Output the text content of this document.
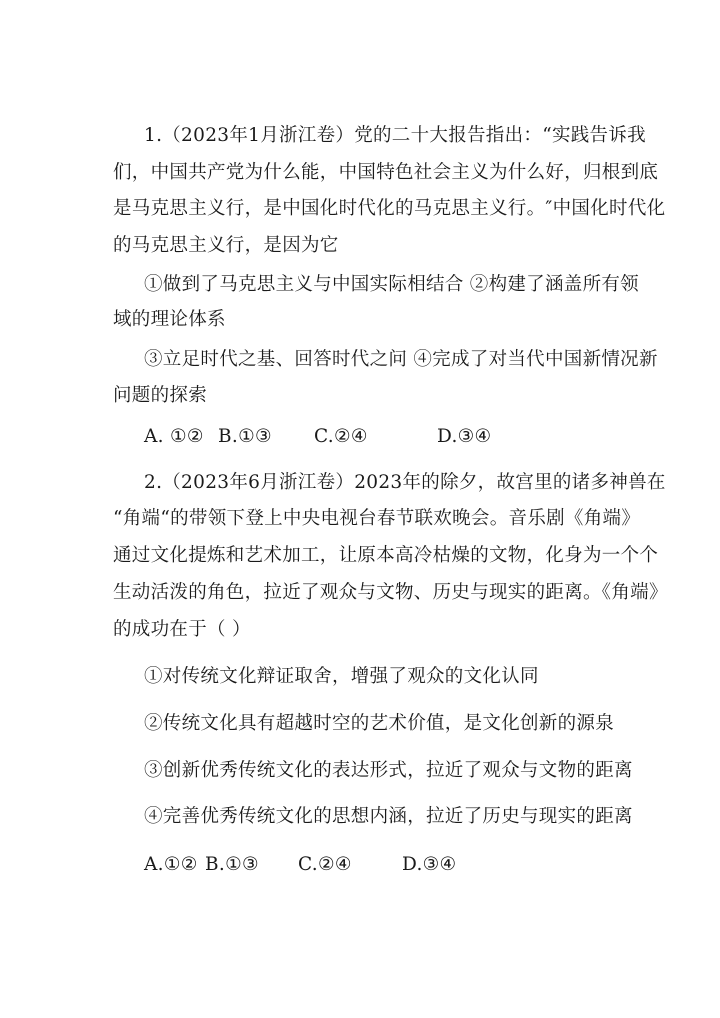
1.（2023年1月浙江卷）党的二十大报告指出：“实践告诉我
们，中国共产党为什么能，中国特色社会主义为什么好，归根到底
是马克思主义行，是中国化时代化的马克思主义行。″中国化时代化
的马克思主义行，是因为它
①做到了马克思主义与中国实际相结合 ②构建了涵盖所有领
域的理论体系
③立足时代之基、回答时代之问 ④完成了对当代中国新情况新
问题的探索
A. ①② B.①③ C.②④	D.③④
2.（2023年6月浙江卷）2023年的除夕，故宫里的诸多神兽在
“角端“的带领下登上中央电视台春节联欢晚会。音乐剧《角端》
通过文化提炼和艺术加工，让原本高冷枯燥的文物，化身为一个个
生动活泼的角色，拉近了观众与文物、历史与现实的距离。《角端》
的成功在于（ ）
①对传统文化辩证取舍，增强了观众的文化认同
②传统文化具有超越时空的艺术价值，是文化创新的源泉
③创新优秀传统文化的表达形式，拉近了观众与文物的距离
④完善优秀传统文化的思想内涵，拉近了历史与现实的距离
A.①② B.①③ C.②④	D.③④
